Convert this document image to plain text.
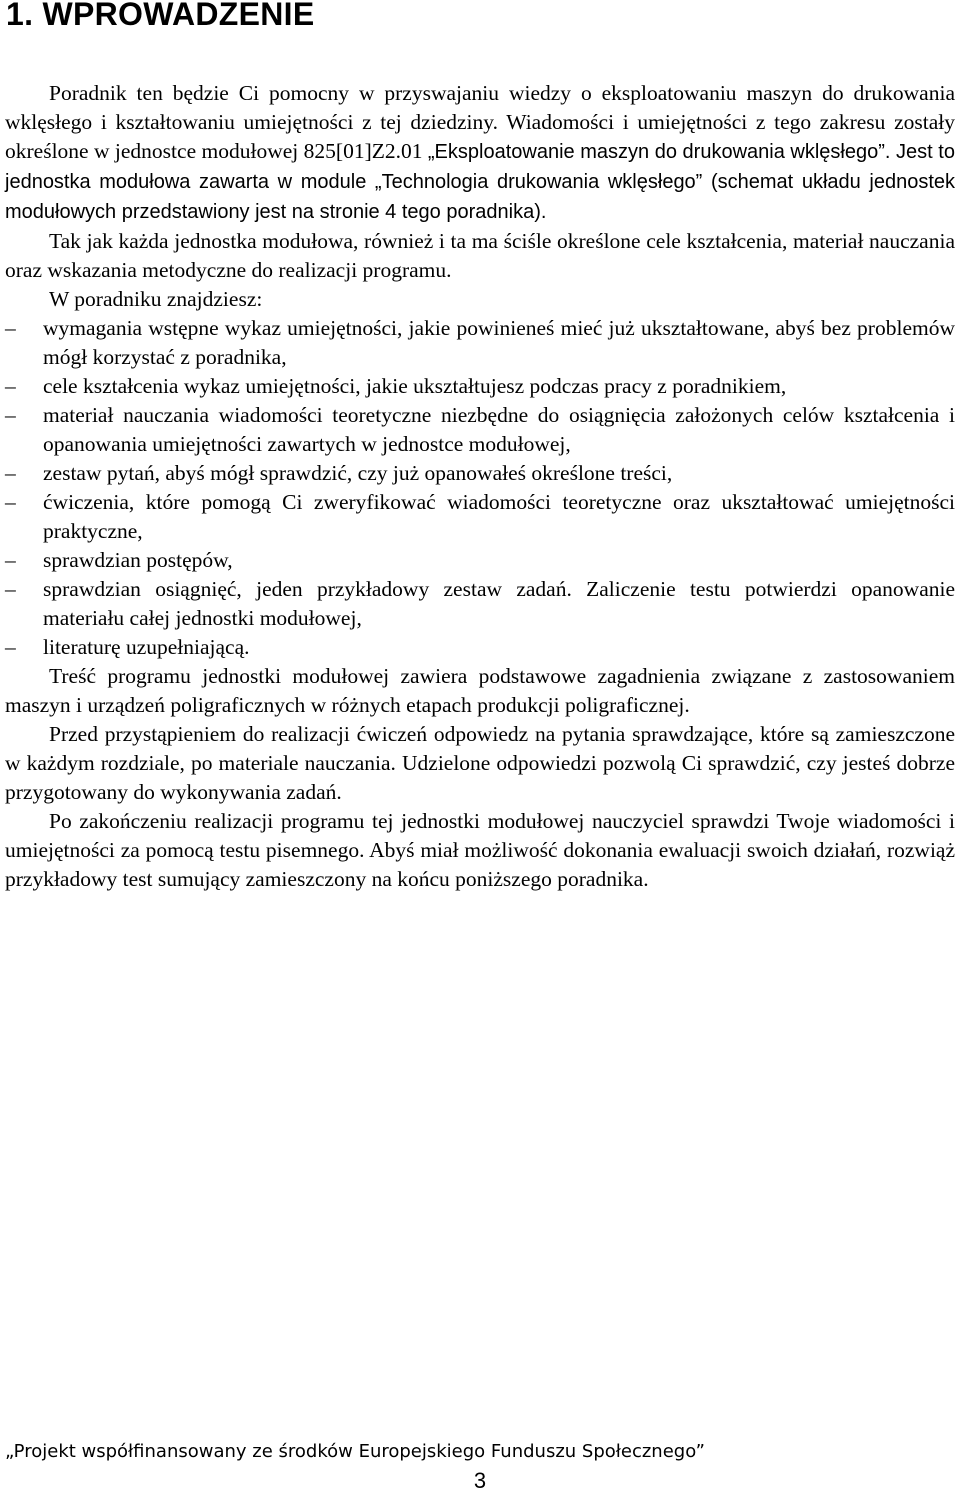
1. WPROWADZENIE

Poradnik ten będzie Ci pomocny w przyswajaniu wiedzy o eksploatowaniu maszyn do drukowania wklęsłego i kształtowaniu umiejętności z tej dziedziny. Wiadomości i umiejętności z tego zakresu zostały określone w jednostce modułowej 825[01]Z2.01 „Eksploatowanie maszyn do drukowania wklęsłego”. Jest to jednostka modułowa zawarta w module „Technologia drukowania wklęsłego” (schemat układu jednostek modułowych przedstawiony jest na stronie 4 tego poradnika).

Tak jak każda jednostka modułowa, również i ta ma ściśle określone cele kształcenia, materiał nauczania oraz wskazania metodyczne do realizacji programu.

W poradniku znajdziesz:

– wymagania wstępne wykaz umiejętności, jakie powinieneś mieć już ukształtowane, abyś bez problemów mógł korzystać z poradnika,
– cele kształcenia wykaz umiejętności, jakie ukształtujesz podczas pracy z poradnikiem,
– materiał nauczania wiadomości teoretyczne niezbędne do osiągnięcia założonych celów kształcenia i opanowania umiejętności zawartych w jednostce modułowej,
– zestaw pytań, abyś mógł sprawdzić, czy już opanowałeś określone treści,
– ćwiczenia, które pomogą Ci zweryfikować wiadomości teoretyczne oraz ukształtować umiejętności praktyczne,
– sprawdzian postępów,
– sprawdzian osiągnięć, jeden przykładowy zestaw zadań. Zaliczenie testu potwierdzi opanowanie materiału całej jednostki modułowej,
– literaturę uzupełniającą.

Treść programu jednostki modułowej zawiera podstawowe zagadnienia związane z zastosowaniem maszyn i urządzeń poligraficznych w różnych etapach produkcji poligraficznej.

Przed przystąpieniem do realizacji ćwiczeń odpowiedz na pytania sprawdzające, które są zamieszczone w każdym rozdziale, po materiale nauczania. Udzielone odpowiedzi pozwolą Ci sprawdzić, czy jesteś dobrze przygotowany do wykonywania zadań.

Po zakończeniu realizacji programu tej jednostki modułowej nauczyciel sprawdzi Twoje wiadomości i umiejętności za pomocą testu pisemnego. Abyś miał możliwość dokonania ewaluacji swoich działań, rozwiąż przykładowy test sumujący zamieszczony na końcu poniższego poradnika.

„Projekt współfinansowany ze środków Europejskiego Funduszu Społecznego”
3
